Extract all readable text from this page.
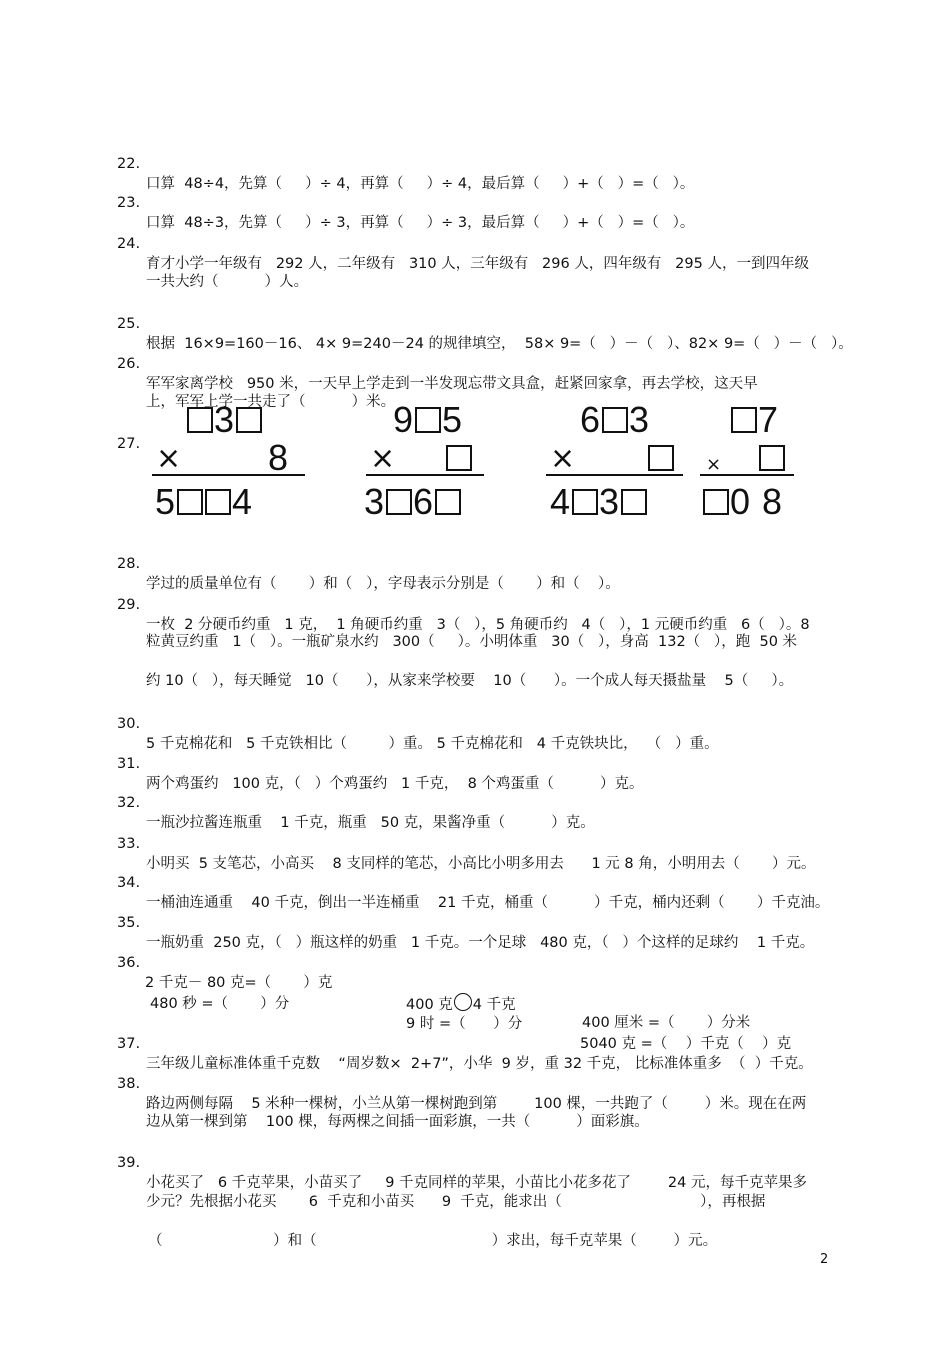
22.

口算  48÷4，先算（     ）÷ 4，再算（     ）÷ 4，最后算（     ）+（   ）=（   ）。

23.

口算  48÷3，先算（     ）÷ 3，再算（     ）÷ 3，最后算（     ）+（   ）=（   ）。

24.

育才小学一年级有   292 人，二年级有   310 人，三年级有   296 人，四年级有   295 人，一到四年级

一共大约（          ）人。

25.

根据  16×9=160－16、 4× 9=240－24 的规律填空，  58× 9=（   ）－（   ）、82× 9=（   ）－（   ）。

26.

军军家离学校   950 米，一天早上学走到一半发现忘带文具盒，赶紧回家拿，再去学校，这天早

上，军军上学一共走了（          ）米。

27.

3
× 8
5 4
9 5
×
3 6
6 3
×
4 3
7
×
0 8

28.

学过的质量单位有（       ）和（   ），字母表示分别是（       ）和（    ）。

29.

一枚  2 分硬币约重   1 克，  1 角硬币约重   3（   ），5 角硬币约   4（   ），1 元硬币约重   6（   ）。8

粒黄豆约重   1（   ）。一瓶矿泉水约   300（     ）。小明体重   30（   ），身高  132（   ），跑  50 米

约 10（   ），每天睡觉   10（      ），从家来学校要    10（      ）。一个成人每天摄盐量    5（     ）。

30.

5 千克棉花和   5 千克铁相比（         ）重。 5 千克棉花和   4 千克铁块比，  （   ）重。

31.

两个鸡蛋约   100 克，（   ）个鸡蛋约   1 千克，  8 个鸡蛋重（          ）克。

32.

一瓶沙拉酱连瓶重    1 千克，瓶重   50 克，果酱净重（          ）克。

33.

小明买  5 支笔芯，小高买    8 支同样的笔芯，小高比小明多用去      1 元 8 角，小明用去（       ）元。

34.

一桶油连通重    40 千克，倒出一半连桶重    21 千克，桶重（          ）千克，桶内还剩（       ）千克油。

35.

一瓶奶重  250 克，（   ）瓶这样的奶重   1 千克。一个足球   480 克，（   ）个这样的足球约    1 千克。

36.

2 千克－ 80 克=（       ）克

400 克 4 千克

400 厘米 =（       ）分米

480 秒 =（       ）分

9 时 =（      ）分

5040 克 =（    ）千克（    ）克

37.

三年级儿童标准体重千克数    “周岁数×  2+7”，小华  9 岁，重 32 千克， 比标准体重多  （  ）千克。

38.

路边两侧每隔    5 米种一棵树，小兰从第一棵树跑到第        100 棵，一共跑了（        ）米。现在在两

边从第一棵到第    100 棵，每两棵之间插一面彩旗，一共（          ）面彩旗。

39.

小花买了   6 千克苹果，小苗买了     9 千克同样的苹果，小苗比小花多花了        24 元，每千克苹果多

少元？先根据小花买       6  千克和小苗买      9  千克，能求出（                              ），再根据

（                        ）和（                                      ）求出，每千克苹果（        ）元。

2
